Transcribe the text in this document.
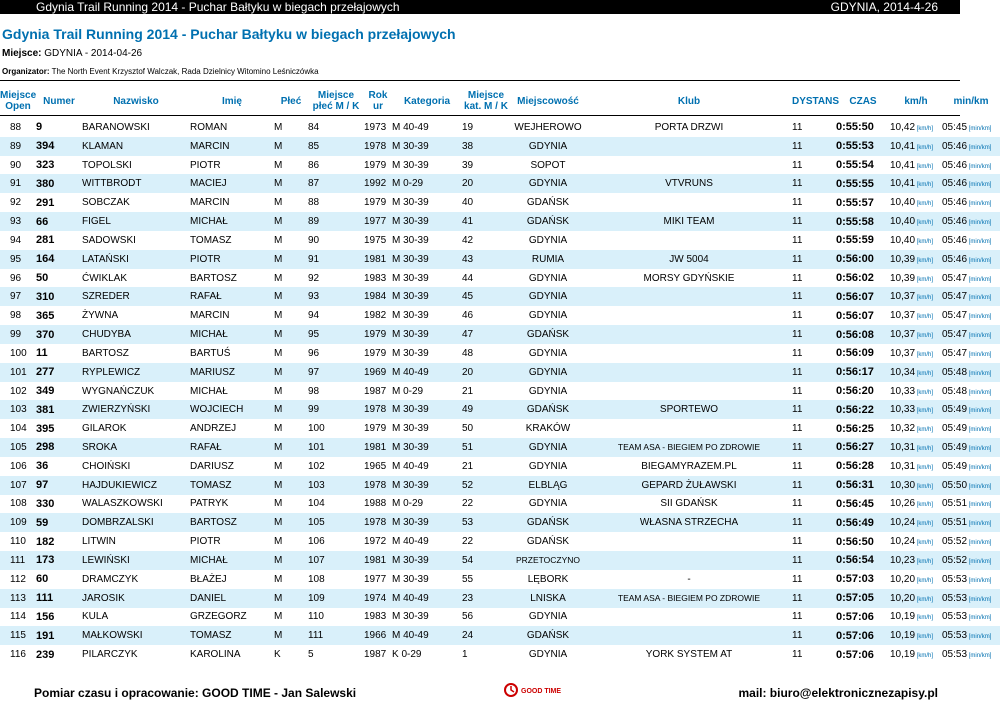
Gdynia Trail Running 2014 - Puchar Bałtyku w biegach przełajowych	GDYNIA, 2014-4-26
Gdynia Trail Running 2014 - Puchar Bałtyku w biegach przełajowych
Miejsce: GDYNIA - 2014-04-26
Organizator: The North Event Krzysztof Walczak, Rada Dzielnicy Witomino Leśniczówka
Miejsce Open	Numer	Nazwisko	Imię	Płeć	Miejsce płeć M / K	Rok ur	Kategoria	Miejsce kat. M / K	Miejscowość	Klub	DYSTANS	CZAS	km/h	min/km
88	9	BARANOWSKI	ROMAN	M	84	1973	M 40-49	19	WEJHEROWO	PORTA DRZWI	11	0:55:50	10,42 [km/h]	05:45 [min/km]
89	394	KLAMAN	MARCIN	M	85	1978	M 30-39	38	GDYNIA		11	0:55:53	10,41 [km/h]	05:46 [min/km]
90	323	TOPOLSKI	PIOTR	M	86	1979	M 30-39	39	SOPOT		11	0:55:54	10,41 [km/h]	05:46 [min/km]
91	380	WITTBRODT	MACIEJ	M	87	1992	M 0-29	20	GDYNIA	VTVRUNS	11	0:55:55	10,41 [km/h]	05:46 [min/km]
92	291	SOBCZAK	MARCIN	M	88	1979	M 30-39	40	GDAŃSK		11	0:55:57	10,40 [km/h]	05:46 [min/km]
93	66	FIGEL	MICHAŁ	M	89	1977	M 30-39	41	GDAŃSK	MIKI TEAM	11	0:55:58	10,40 [km/h]	05:46 [min/km]
94	281	SADOWSKI	TOMASZ	M	90	1975	M 30-39	42	GDYNIA		11	0:55:59	10,40 [km/h]	05:46 [min/km]
95	164	LATAŃSKI	PIOTR	M	91	1981	M 30-39	43	RUMIA	JW 5004	11	0:56:00	10,39 [km/h]	05:46 [min/km]
96	50	ĆWIKLAK	BARTOSZ	M	92	1983	M 30-39	44	GDYNIA	MORSY GDYŃSKIE	11	0:56:02	10,39 [km/h]	05:47 [min/km]
97	310	SZREDER	RAFAŁ	M	93	1984	M 30-39	45	GDYNIA		11	0:56:07	10,37 [km/h]	05:47 [min/km]
98	365	ŻYWNA	MARCIN	M	94	1982	M 30-39	46	GDYNIA		11	0:56:07	10,37 [km/h]	05:47 [min/km]
99	370	CHUDYBA	MICHAŁ	M	95	1979	M 30-39	47	GDAŃSK		11	0:56:08	10,37 [km/h]	05:47 [min/km]
100	11	BARTOSZ	BARTUŚ	M	96	1979	M 30-39	48	GDYNIA		11	0:56:09	10,37 [km/h]	05:47 [min/km]
101	277	RYPLEWICZ	MARIUSZ	M	97	1969	M 40-49	20	GDYNIA		11	0:56:17	10,34 [km/h]	05:48 [min/km]
102	349	WYGNAŃCZUK	MICHAŁ	M	98	1987	M 0-29	21	GDYNIA		11	0:56:20	10,33 [km/h]	05:48 [min/km]
103	381	ZWIERZYŃSKI	WOJCIECH	M	99	1978	M 30-39	49	GDAŃSK	SPORTEWO	11	0:56:22	10,33 [km/h]	05:49 [min/km]
104	395	GILAROK	ANDRZEJ	M	100	1979	M 30-39	50	KRAKÓW		11	0:56:25	10,32 [km/h]	05:49 [min/km]
105	298	SROKA	RAFAŁ	M	101	1981	M 30-39	51	GDYNIA	TEAM ASA - BIEGIEM PO ZDROWIE	11	0:56:27	10,31 [km/h]	05:49 [min/km]
106	36	CHOIŃSKI	DARIUSZ	M	102	1965	M 40-49	21	GDYNIA	BIEGAMYRAZEM.PL	11	0:56:28	10,31 [km/h]	05:49 [min/km]
107	97	HAJDUKIEWICZ	TOMASZ	M	103	1978	M 30-39	52	ELBLĄG	GEPARD ŻUŁAWSKI	11	0:56:31	10,30 [km/h]	05:50 [min/km]
108	330	WALASZKOWSKI	PATRYK	M	104	1988	M 0-29	22	GDYNIA	SII GDAŃSK	11	0:56:45	10,26 [km/h]	05:51 [min/km]
109	59	DOMBRZALSKI	BARTOSZ	M	105	1978	M 30-39	53	GDAŃSK	WŁASNA STRZECHA	11	0:56:49	10,24 [km/h]	05:51 [min/km]
110	182	LITWIN	PIOTR	M	106	1972	M 40-49	22	GDAŃSK		11	0:56:50	10,24 [km/h]	05:52 [min/km]
111	173	LEWIŃSKI	MICHAŁ	M	107	1981	M 30-39	54	PRZETOCZYNO		11	0:56:54	10,23 [km/h]	05:52 [min/km]
112	60	DRAMCZYK	BŁAŻEJ	M	108	1977	M 30-39	55	LĘBORK	-	11	0:57:03	10,20 [km/h]	05:53 [min/km]
113	111	JAROSIK	DANIEL	M	109	1974	M 40-49	23	LNISKA	TEAM ASA - BIEGIEM PO ZDROWIE	11	0:57:05	10,20 [km/h]	05:53 [min/km]
114	156	KULA	GRZEGORZ	M	110	1983	M 30-39	56	GDYNIA		11	0:57:06	10,19 [km/h]	05:53 [min/km]
115	191	MAŁKOWSKI	TOMASZ	M	111	1966	M 40-49	24	GDAŃSK		11	0:57:06	10,19 [km/h]	05:53 [min/km]
116	239	PILARCZYK	KAROLINA	K	5	1987	K 0-29	1	GDYNIA	YORK SYSTEM AT	11	0:57:06	10,19 [km/h]	05:53 [min/km]
Pomiar czasu i opracowanie: GOOD TIME - Jan Salewski	GOOD TIME	mail: biuro@elektronicznezapisy.pl
